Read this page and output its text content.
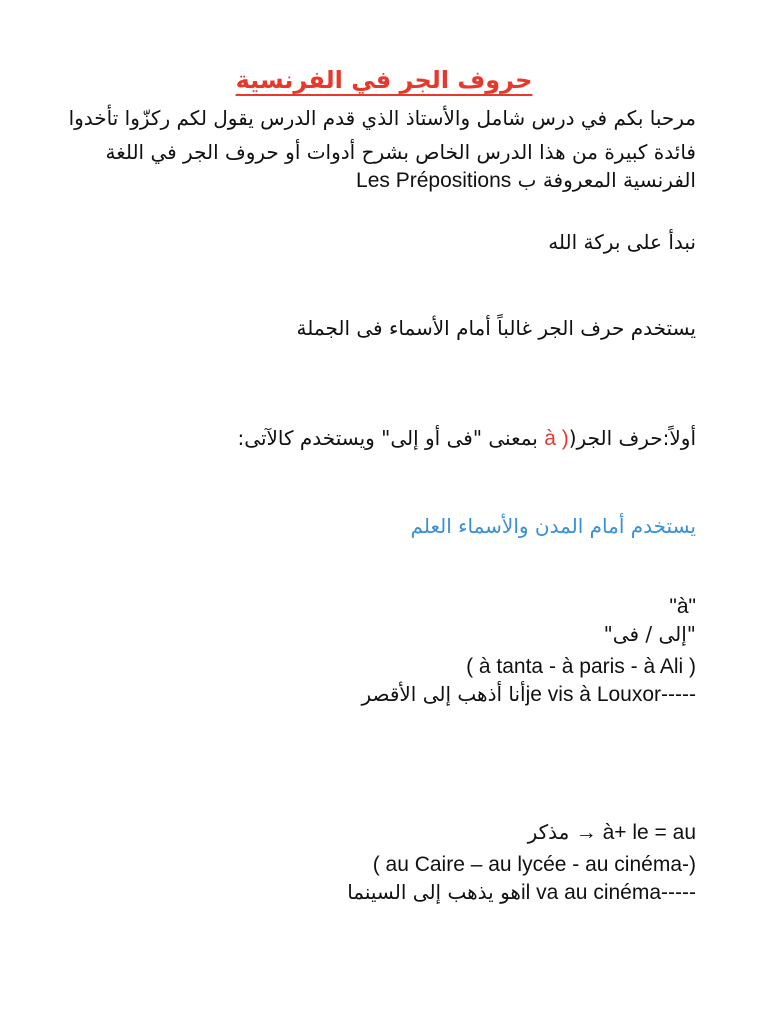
حروف الجر في الفرنسية
مرحبا بكم في درس شامل والأستاذ الذي قدم الدرس يقول لكم ركزّوا تأخدوا
فائدة كبيرة من هذا الدرس الخاص بشرح أدوات أو حروف الجر في اللغة
الفرنسية المعروفة ب Les Prépositions
نبدأ على بركة الله
يستخدم حرف الجر غالباً أمام الأسماء فى الجملة
أولاً:حرف الجر(à ) بمعنى "فى أو إلى" ويستخدم كالآتى:
يستخدم أمام المدن والأسماء العلم
"à"
"إلى / فى"
( à tanta - à paris - à Ali )
je vis à Louxor-----أنا أذهب إلى الأقصر
→ à+ le = au مذكر
( au Caire – au lycée - au cinéma-)
il va au cinéma-----هو يذهب إلى السينما
